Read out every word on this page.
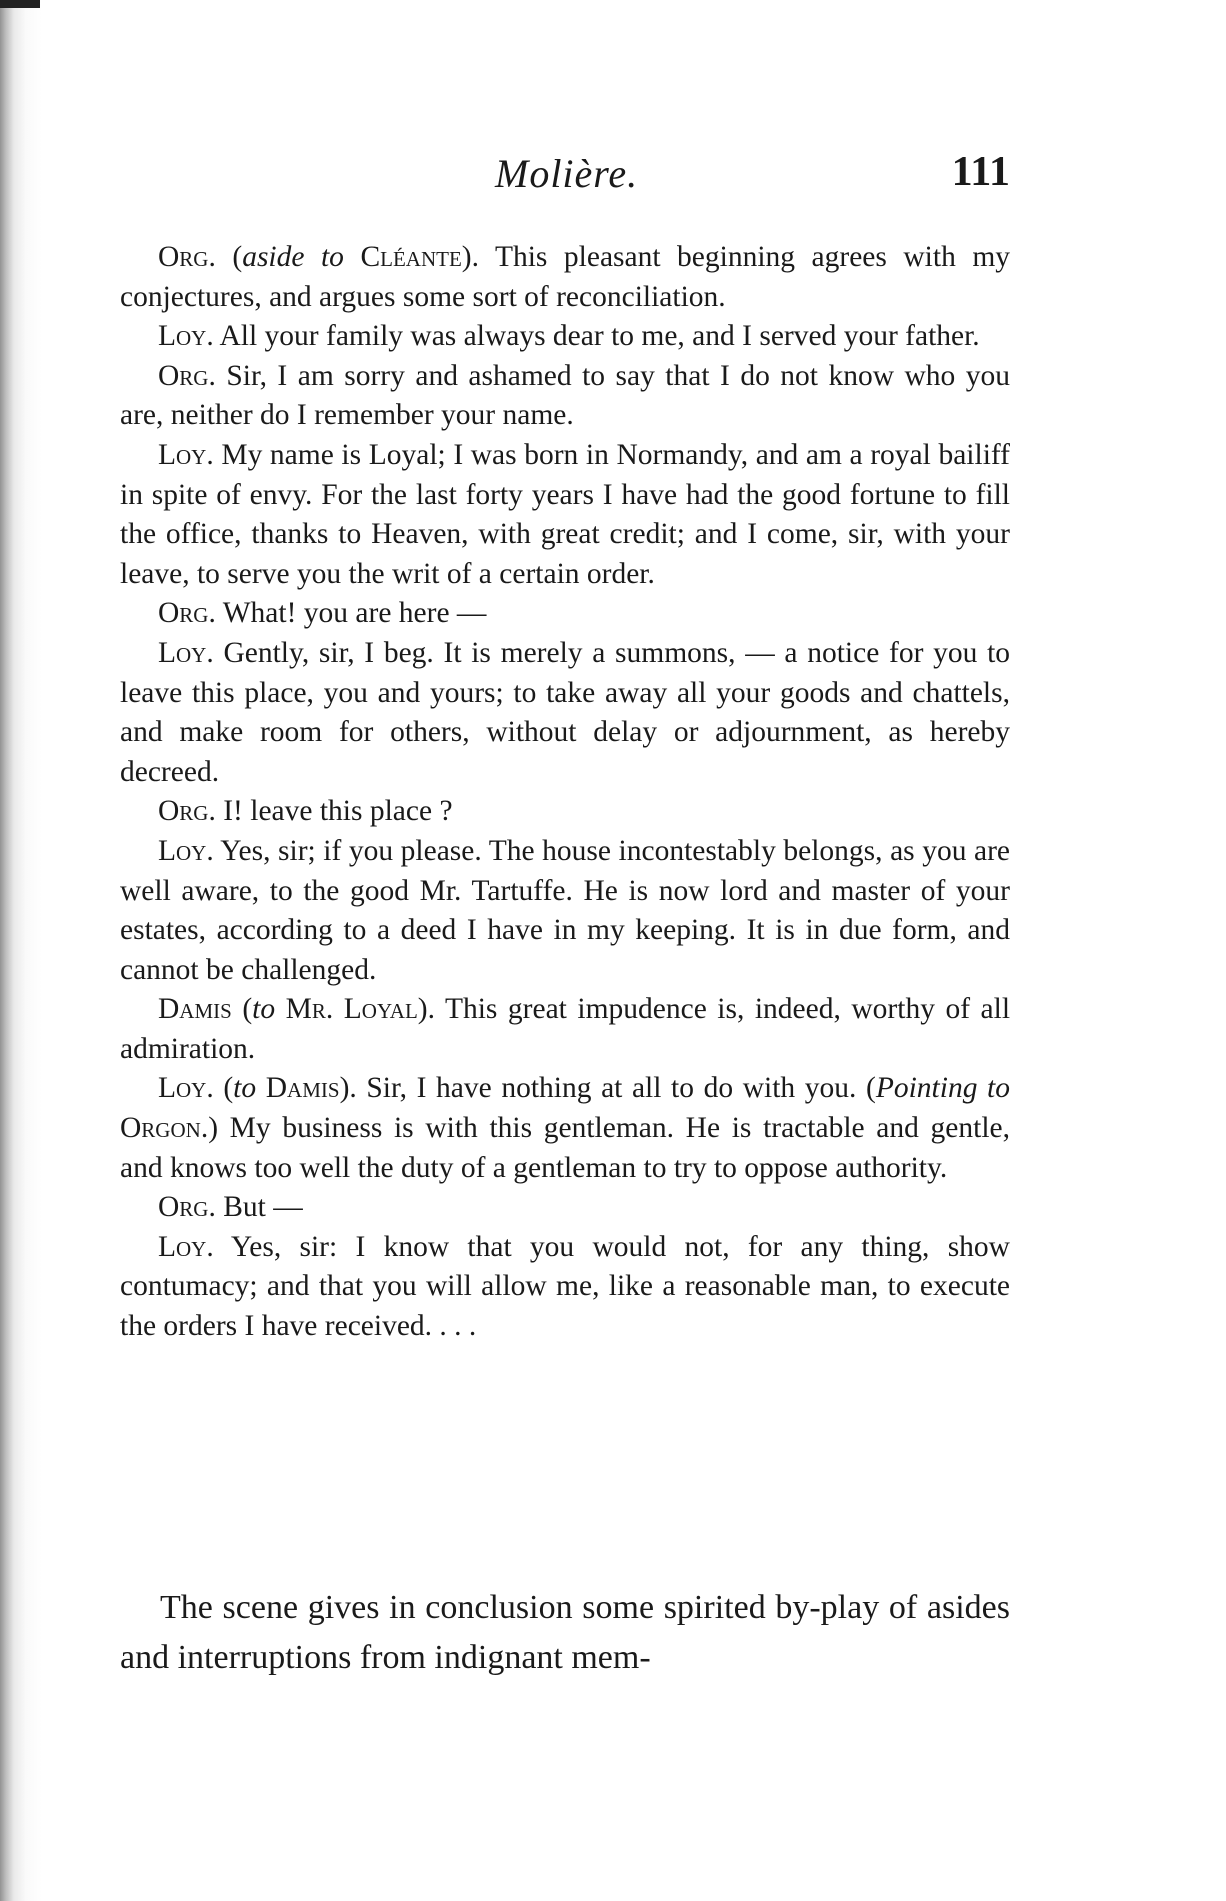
Molière.	111

Org. (aside to Cléante). This pleasant beginning agrees with my conjectures, and argues some sort of reconciliation.

Loy. All your family was always dear to me, and I served your father.

Org. Sir, I am sorry and ashamed to say that I do not know who you are, neither do I remember your name.

Loy. My name is Loyal; I was born in Normandy, and am a royal bailiff in spite of envy. For the last forty years I have had the good fortune to fill the office, thanks to Heaven, with great credit; and I come, sir, with your leave, to serve you the writ of a certain order.

Org. What! you are here —

Loy. Gently, sir, I beg. It is merely a summons, — a notice for you to leave this place, you and yours; to take away all your goods and chattels, and make room for others, without delay or adjournment, as hereby decreed.

Org. I! leave this place ?

Loy. Yes, sir; if you please. The house incontestably belongs, as you are well aware, to the good Mr. Tartuffe. He is now lord and master of your estates, according to a deed I have in my keeping. It is in due form, and cannot be challenged.

Damis (to Mr. Loyal). This great impudence is, indeed, worthy of all admiration.

Loy. (to Damis). Sir, I have nothing at all to do with you. (Pointing to Orgon.) My business is with this gentleman. He is tractable and gentle, and knows too well the duty of a gentleman to try to oppose authority.

Org. But —

Loy. Yes, sir: I know that you would not, for any thing, show contumacy; and that you will allow me, like a reasonable man, to execute the orders I have received. . . .

The scene gives in conclusion some spirited by-play of asides and interruptions from indignant mem-
